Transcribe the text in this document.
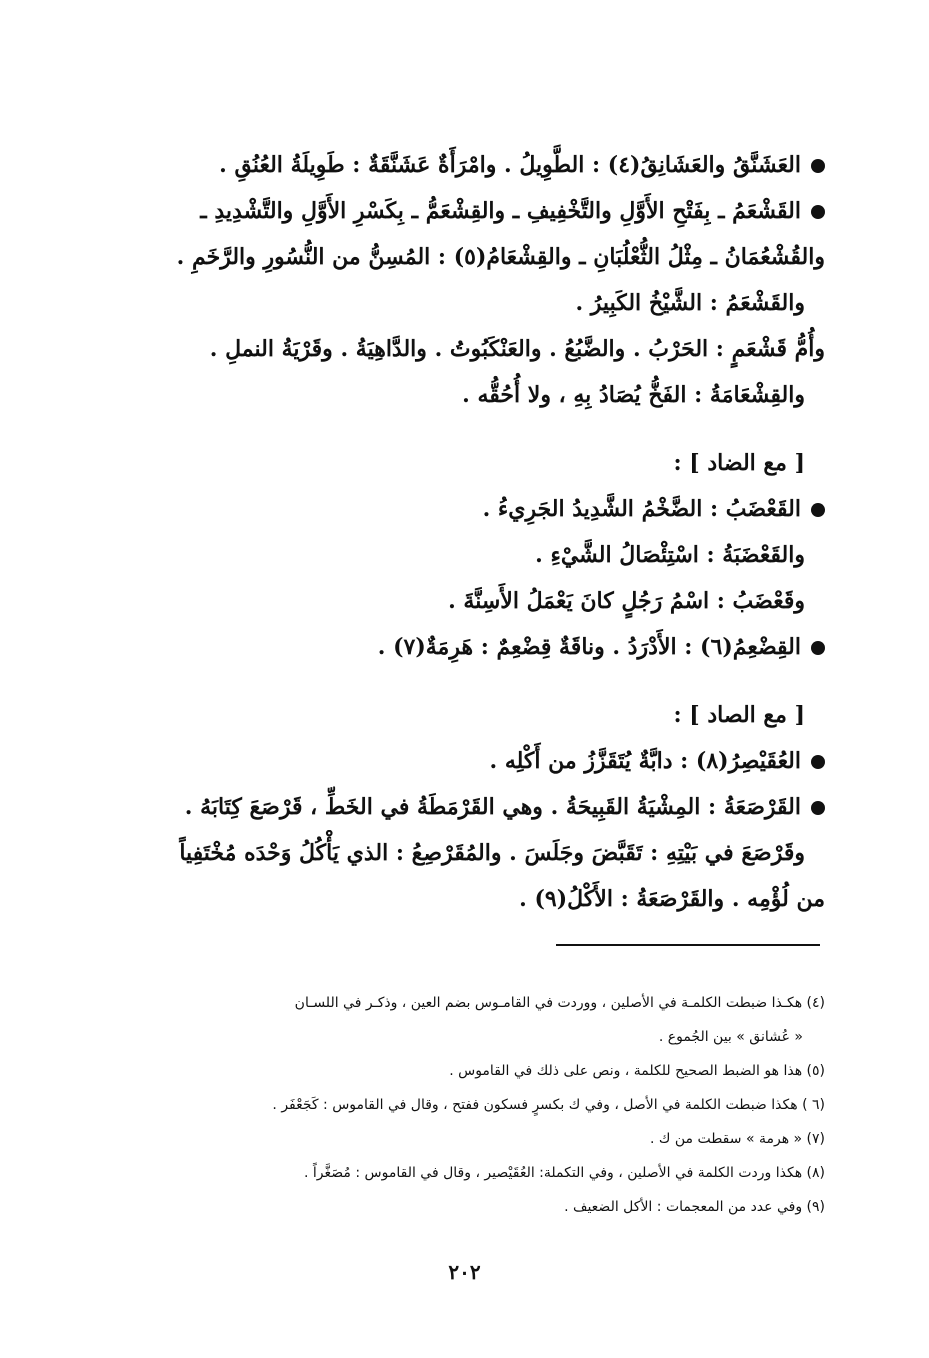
العَشَنَّقُ والعَشَانِقُ(٤) : الطَّوِيلُ . وامْرَأَةٌ عَشَنَّقَةٌ : طَوِيلَةُ العُنُقِ .
القَشْعَمُ ـ بِفَتْحِ الأَوَّلِ والتَّخْفِيفِ ـ والقِشْعَمُّ ـ بِكَسْرِ الأَوَّلِ والتَّشْدِيدِ ـ
والقُشْعُمَانُ ـ مِثْلُ الثُّعْلُبَانِ ـ والقِشْعَامُ(٥) : المُسِنُّ من النُّسُورِ والرَّخَمِ .
والقَشْعَمُ : الشَّيْخُ الكَبِيرُ .
وأُمُّ قَشْعَمٍ : الحَرْبُ . والضَّبُعُ . والعَنْكَبُوتُ . والدَّاهِيَةُ . وقَرْيَةُ النملِ .
والقِشْعَامَةُ : الفَخُّ يُصَادُ بِهِ ، ولا أُحُقُّه .
[ مع الضاد ] :
القَعْضَبُ : الضَّخْمُ الشَّدِيدُ الجَرِيءُ .
والقَعْضَبَةُ : اسْتِئْصَالُ الشَّيْءِ .
وقَعْضَبُ : اسْمُ رَجُلٍ كانَ يَعْمَلُ الأَسِنَّةَ .
القِضْعِمُ(٦) : الأَدْرَدُ . وناقَةٌ قِضْعِمٌ : هَرِمَةٌ(٧) .
[ مع الصاد ] :
العُقَيْصِرُ(٨) : دابَّةٌ يُتَقَزَّزُ من أَكْلِه .
القَرْصَعَةُ : المِشْيَةُ القَبِيحَةُ . وهي القَرْمَطَةُ في الخَطِّ ، قَرْصَعَ كِتَابَهُ .
وقَرْصَعَ في بَيْتِهِ : تَقَبَّضَ وجَلَسَ . والمُقَرْصِعُ : الذي يَأْكُلُ وَحْدَه مُخْتَفِياً
من لُؤْمِه . والقَرْصَعَةُ : الأَكْلُ(٩) .
(٤) هكـذا ضبطت الكلمـة في الأصلين ، ووردت في القامـوس بضم العين ، وذكـر في اللسـان
« عُشانق » بين الجُموع .
(٥) هذا هو الضبط الصحيح للكلمة ، ونص على ذلك في القاموس .
(٦ ) هكذا ضبطت الكلمة في الأصل ، وفي ك بكسرٍ فسكون ففتح ، وقال في القاموس : كَجَعْفَر .
(٧) « هرمة » سقطت من ك .
(٨) هكذا وردت الكلمة في الأصلين ، وفي التكملة: العُقَيْصير ، وقال في القاموس : مُصَغَّراً .
(٩) وفي عدد من المعجمات : الأكل الضعيف .
٢٠٢
